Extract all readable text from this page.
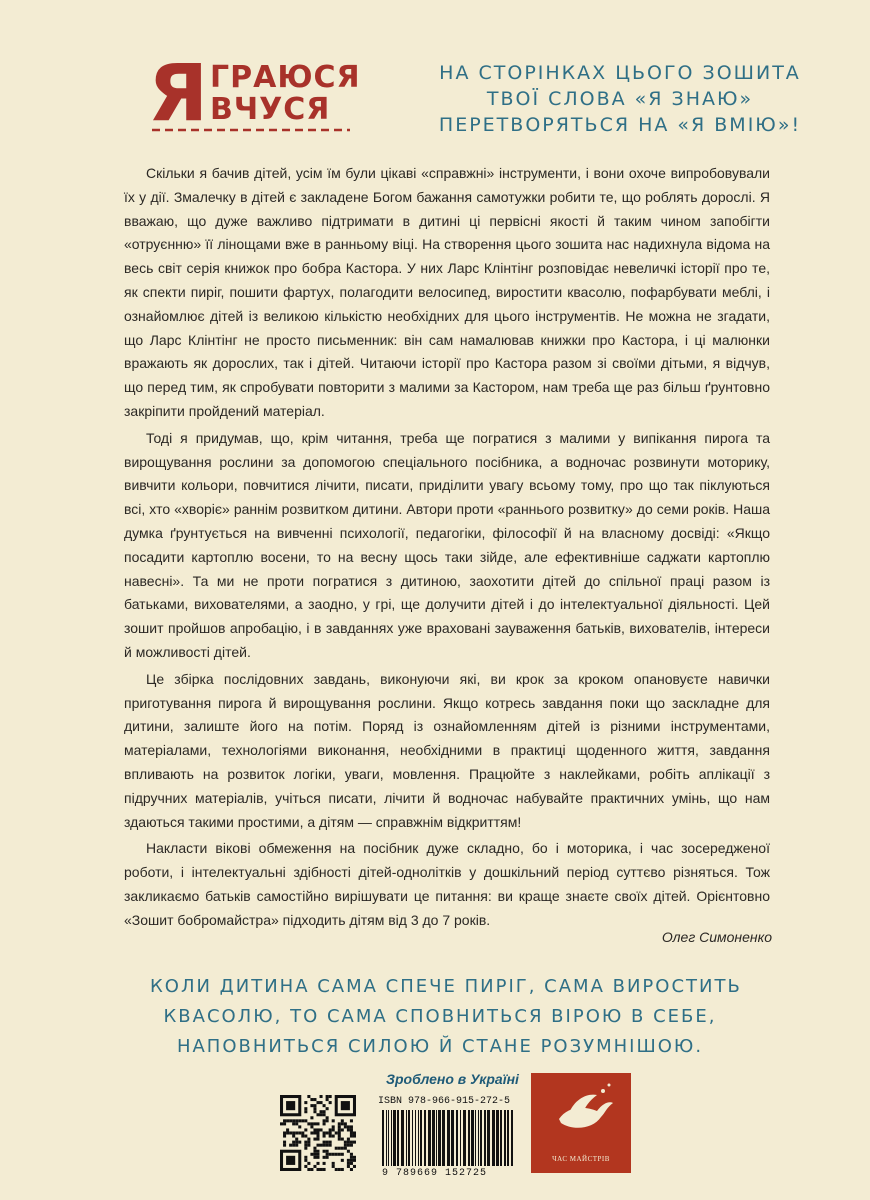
Я ГРАЮСЯ
ВЧУСЯ
НА СТОРІНКАХ ЦЬОГО ЗОШИТА
ТВОЇ СЛОВА «Я ЗНАЮ»
ПЕРЕТВОРЯТЬСЯ НА «Я ВМІЮ»!

Скільки я бачив дітей, усім їм були цікаві «справжні» інструменти, і вони охоче випробовували їх у дії. Змалечку в дітей є закладене Богом бажання самотужки робити те, що роблять дорослі. Я вважаю, що дуже важливо підтримати в дитині ці первісні якості й таким чином запобігти «отруєнню» її лінощами вже в ранньому віці. На створення цього зошита нас надихнула відома на весь світ серія книжок про бобра Кастора. У них Ларс Клінтінг розповідає невеличкі історії про те, як спекти пиріг, пошити фартух, полагодити велосипед, виростити квасолю, пофарбувати меблі, і ознайомлює дітей із великою кількістю необхідних для цього інструментів. Не можна не згадати, що Ларс Клінтінг не просто письменник: він сам намалював книжки про Кастора, і ці малюнки вражають як дорослих, так і дітей. Читаючи історії про Кастора разом зі своїми дітьми, я відчув, що перед тим, як спробувати повторити з малими за Кастором, нам треба ще раз більш ґрунтовно закріпити пройдений матеріал.

Тоді я придумав, що, крім читання, треба ще погратися з малими у випікання пирога та вирощування рослини за допомогою спеціального посібника, а водночас розвинути моторику, вивчити кольори, повчитися лічити, писати, приділити увагу всьому тому, про що так піклуються всі, хто «хворіє» раннім розвитком дитини. Автори проти «раннього розвитку» до семи років. Наша думка ґрунтується на вивченні психології, педагогіки, філософії й на власному досвіді: «Якщо посадити картоплю восени, то на весну щось таки зійде, але ефективніше саджати картоплю навесні». Та ми не проти погратися з дитиною, заохотити дітей до спільної праці разом із батьками, вихователями, а заодно, у грі, ще долучити дітей і до інтелектуальної діяльності. Цей зошит пройшов апробацію, і в завданнях уже враховані зауваження батьків, вихователів, інтереси й можливості дітей.

Це збірка послідовних завдань, виконуючи які, ви крок за кроком опановуєте навички приготування пирога й вирощування рослини. Якщо котресь завдання поки що заскладне для дитини, залиште його на потім. Поряд із ознайомленням дітей із різними інструментами, матеріалами, технологіями виконання, необхідними в практиці щоденного життя, завдання впливають на розвиток логіки, уваги, мовлення. Працюйте з наклейками, робіть аплікації з підручних матеріалів, учіться писати, лічити й водночас набувайте практичних умінь, що нам здаються такими простими, а дітям — справжнім відкриттям!

Накласти вікові обмеження на посібник дуже складно, бо і моторика, і час зосередженої роботи, і інтелектуальні здібності дітей-однолітків у дошкільний період суттєво різняться. Тож закликаємо батьків самостійно вирішувати це питання: ви краще знаєте своїх дітей. Орієнтовно «Зошит бобромайстра» підходить дітям від 3 до 7 років.

Олег Симоненко
КОЛИ ДИТИНА САМА СПЕЧЕ ПИРІГ, САМА ВИРОСТИТЬ
КВАСОЛЮ, ТО САМА СПОВНИТЬСЯ ВІРОЮ В СЕБЕ,
НАПОВНИТЬСЯ СИЛОЮ Й СТАНЕ РОЗУМНІШОЮ.
Зроблено в Україні
ISBN 978-966-915-272-5
9 789669 152725
ЧАС МАЙСТРІВ
